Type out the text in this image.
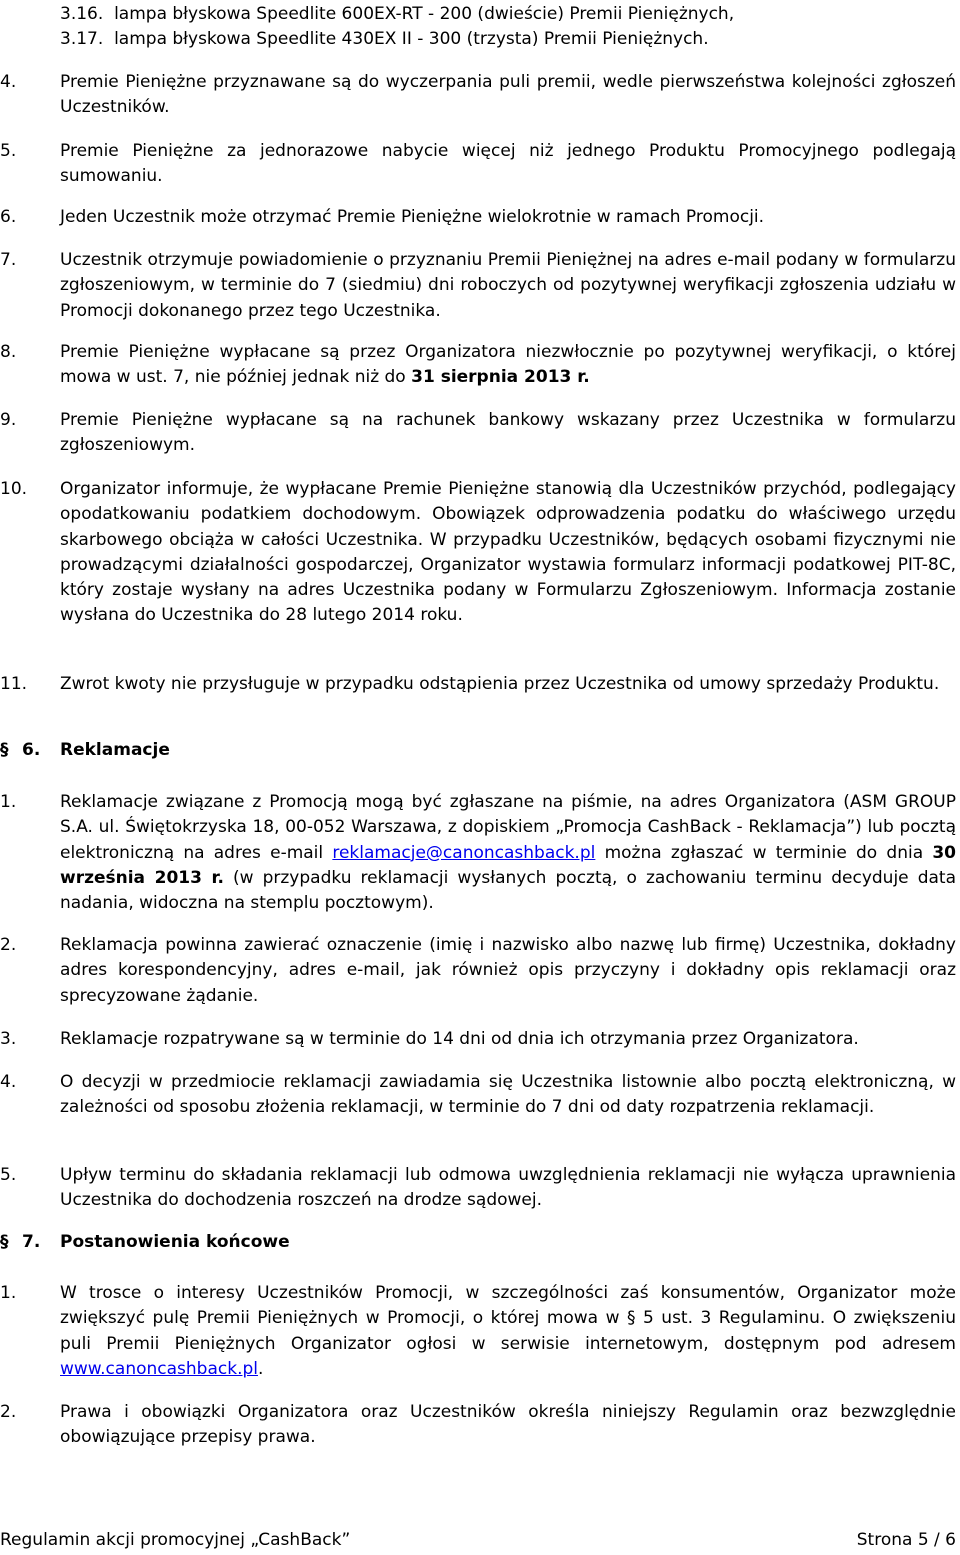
3.16. lampa błyskowa Speedlite 600EX-RT - 200 (dwieście) Premii Pieniężnych,
3.17. lampa błyskowa Speedlite 430EX II - 300 (trzysta) Premii Pieniężnych.
4.	Premie Pieniężne przyznawane są do wyczerpania puli premii, wedle pierwszeństwa kolejności zgłoszeń Uczestników.
5.	Premie Pieniężne za jednorazowe nabycie więcej niż jednego Produktu Promocyjnego podlegają sumowaniu.
6.	Jeden Uczestnik może otrzymać Premie Pieniężne wielokrotnie w ramach Promocji.
7.	Uczestnik otrzymuje powiadomienie o przyznaniu Premii Pieniężnej na adres e-mail podany w formularzu zgłoszeniowym, w terminie do 7 (siedmiu) dni roboczych od pozytywnej weryfikacji zgłoszenia udziału w Promocji dokonanego przez tego Uczestnika.
8.	Premie Pieniężne wypłacane są przez Organizatora niezwłocznie po pozytywnej weryfikacji, o której mowa w ust. 7, nie później jednak niż do 31 sierpnia 2013 r.
9.	Premie Pieniężne wypłacane są na rachunek bankowy wskazany przez Uczestnika w formularzu zgłoszeniowym.
10. Organizator informuje, że wypłacane Premie Pieniężne stanowią dla Uczestników przychód, podlegający opodatkowaniu podatkiem dochodowym. Obowiązek odprowadzenia podatku do właściwego urzędu skarbowego obciąża w całości Uczestnika. W przypadku Uczestników, będących osobami fizycznymi nie prowadzącymi działalności gospodarczej, Organizator wystawia formularz informacji podatkowej PIT-8C, który zostaje wysłany na adres Uczestnika podany w Formularzu Zgłoszeniowym. Informacja zostanie wysłana do Uczestnika do 28 lutego 2014 roku.
11. Zwrot kwoty nie przysługuje w przypadku odstąpienia przez Uczestnika od umowy sprzedaży Produktu.
§ 6. Reklamacje
1.	Reklamacje związane z Promocją mogą być zgłaszane na piśmie, na adres Organizatora (ASM GROUP S.A. ul. Świętokrzyska 18, 00-052 Warszawa, z dopiskiem „Promocja CashBack - Reklamacja”) lub pocztą elektroniczną na adres e-mail reklamacje@canoncashback.pl można zgłaszać w terminie do dnia 30 września 2013 r. (w przypadku reklamacji wysłanych pocztą, o zachowaniu terminu decyduje data nadania, widoczna na stemplu pocztowym).
2.	Reklamacja powinna zawierać oznaczenie (imię i nazwisko albo nazwę lub firmę) Uczestnika, dokładny adres korespondencyjny, adres e-mail, jak również opis przyczyny i dokładny opis reklamacji oraz sprecyzowane żądanie.
3.	Reklamacje rozpatrywane są w terminie do 14 dni od dnia ich otrzymania przez Organizatora.
4.	O decyzji w przedmiocie reklamacji zawiadamia się Uczestnika listownie albo pocztą elektroniczną, w zależności od sposobu złożenia reklamacji, w terminie do 7 dni od daty rozpatrzenia reklamacji.
5.	Upływ terminu do składania reklamacji lub odmowa uwzględnienia reklamacji nie wyłącza uprawnienia Uczestnika do dochodzenia roszczeń na drodze sądowej.
§ 7. Postanowienia końcowe
1.	W trosce o interesy Uczestników Promocji, w szczególności zaś konsumentów, Organizator może zwiększyć pulę Premii Pieniężnych w Promocji, o której mowa w § 5 ust. 3 Regulaminu. O zwiększeniu puli Premii Pieniężnych Organizator ogłosi w serwisie internetowym, dostępnym pod adresem www.canoncashback.pl.
2.	Prawa i obowiązki Organizatora oraz Uczestników określa niniejszy Regulamin oraz bezwzględnie obowiązujące przepisy prawa.
Regulamin akcji promocyjnej „CashBack”	Strona 5 / 6
